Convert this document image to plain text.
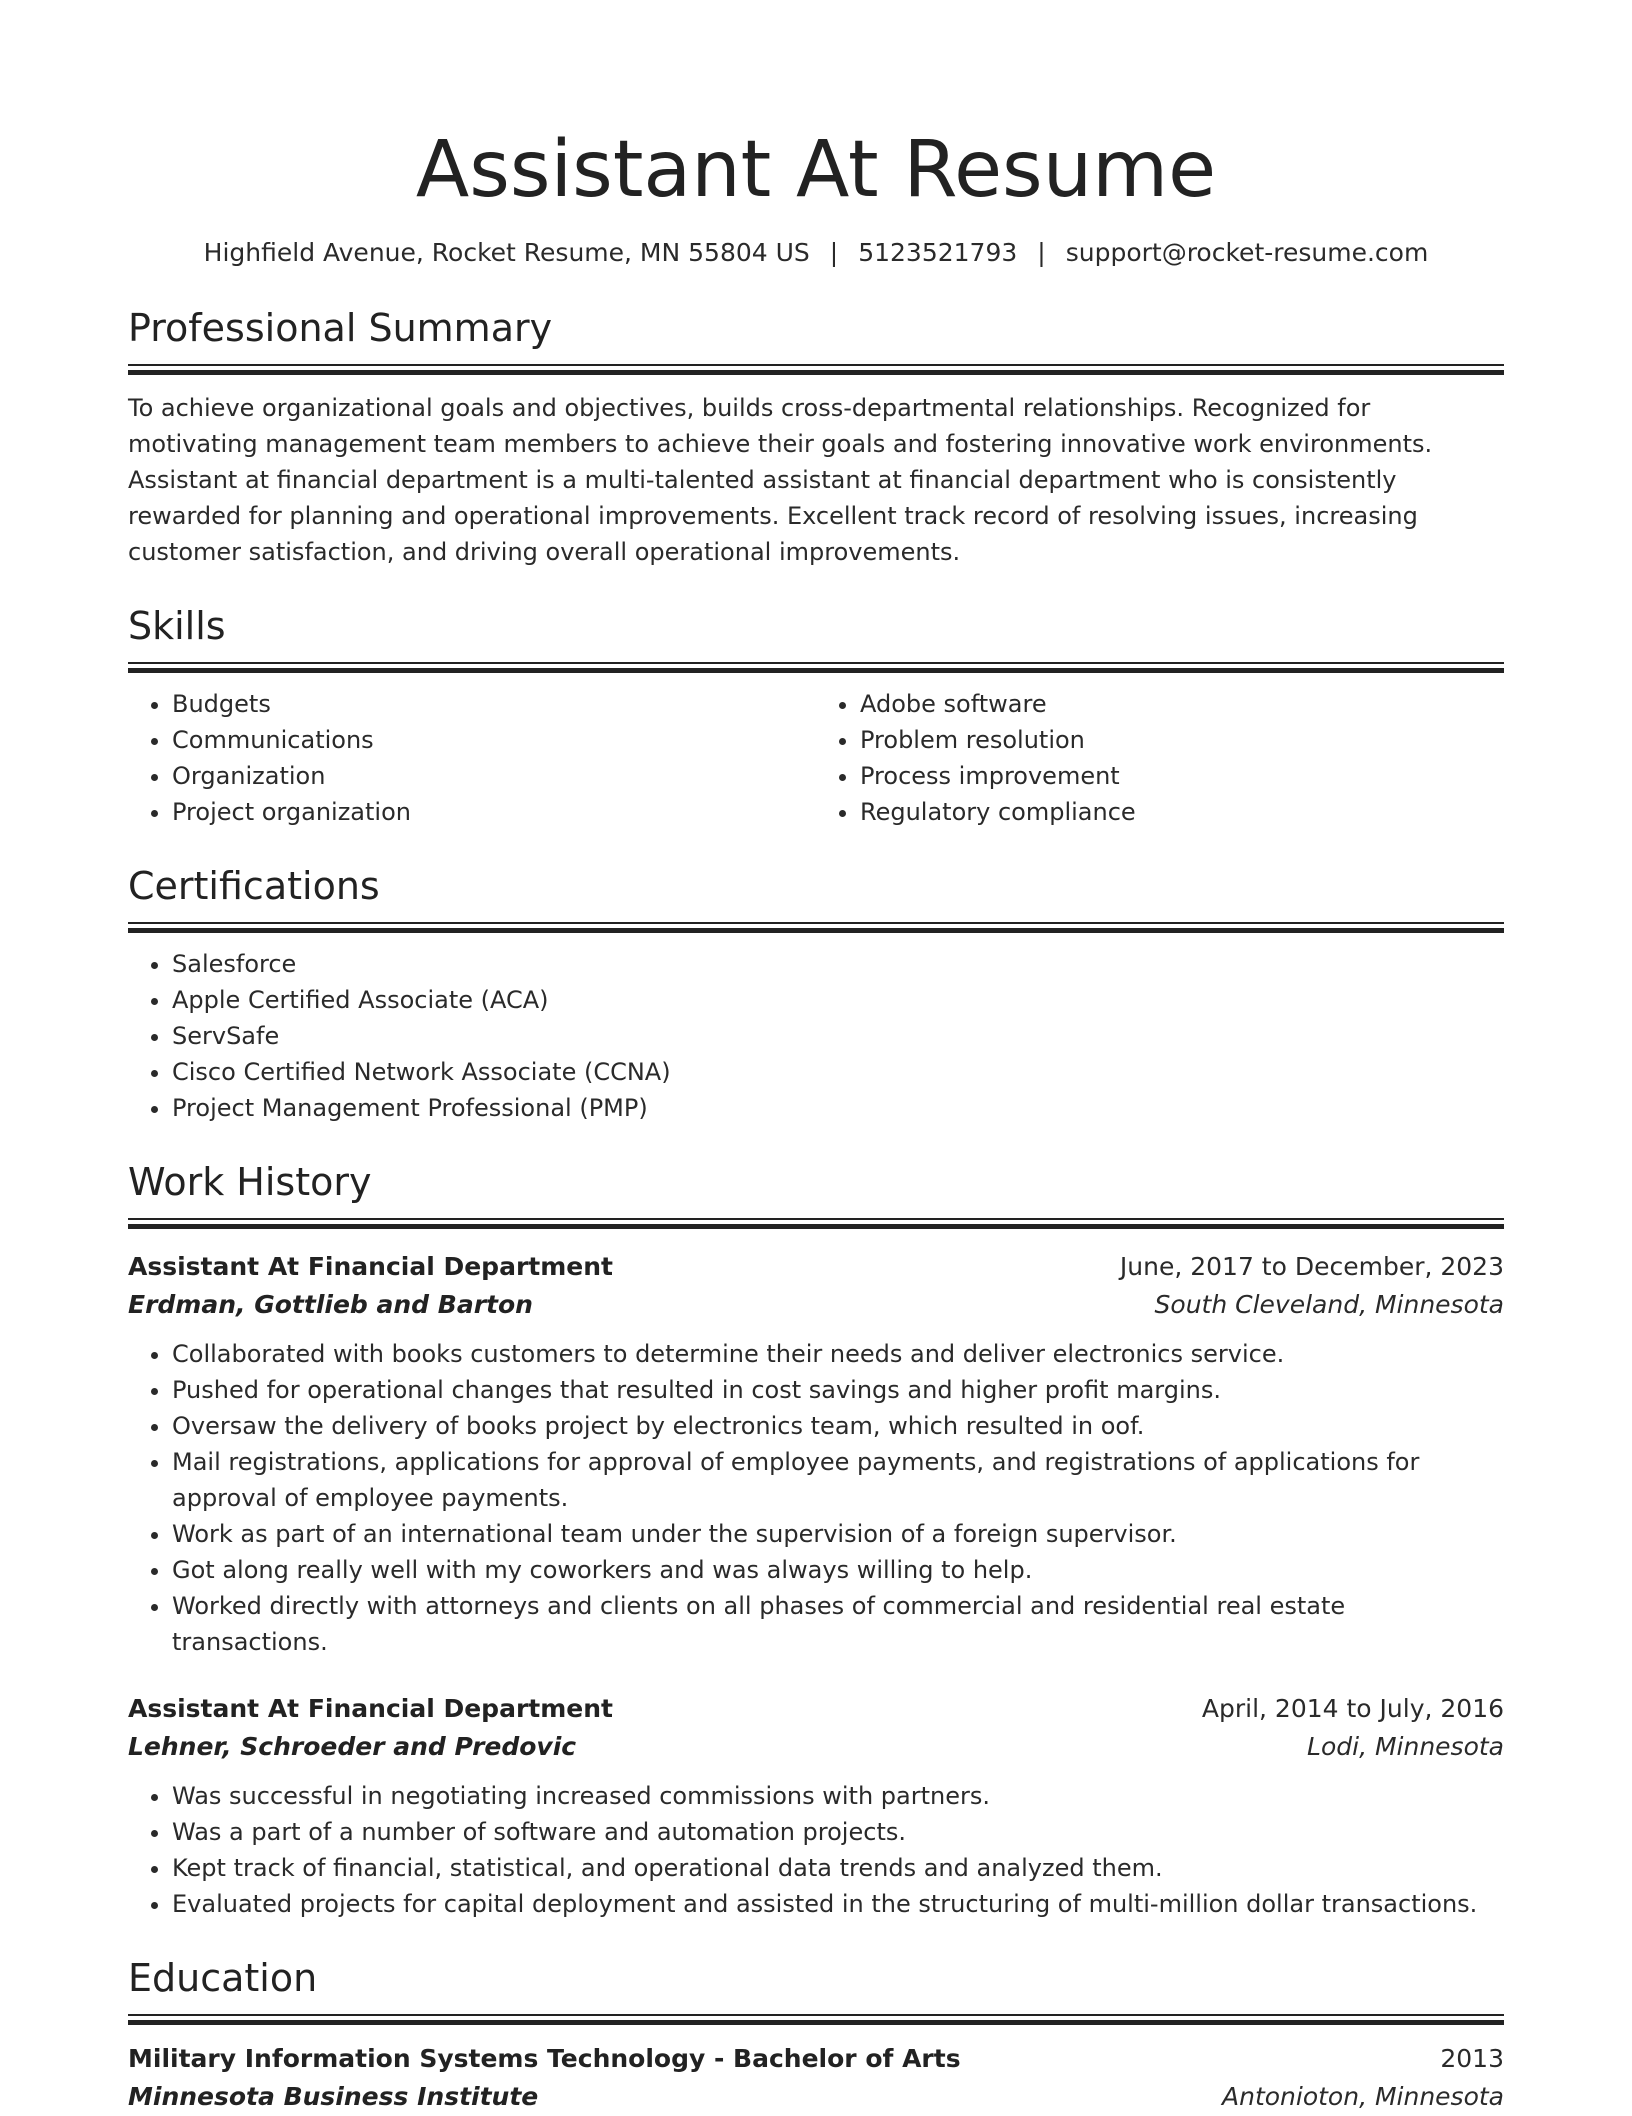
Assistant At Resume
Highfield Avenue, Rocket Resume, MN 55804 US | 5123521793 | support@rocket-resume.com
Professional Summary

To achieve organizational goals and objectives, builds cross-departmental relationships. Recognized for motivating management team members to achieve their goals and fostering innovative work environments. Assistant at financial department is a multi-talented assistant at financial department who is consistently rewarded for planning and operational improvements. Excellent track record of resolving issues, increasing customer satisfaction, and driving overall operational improvements.

Skills
• Budgets
• Communications
• Organization
• Project organization
• Adobe software
• Problem resolution
• Process improvement
• Regulatory compliance
Certifications
• Salesforce
• Apple Certified Associate (ACA)
• ServSafe
• Cisco Certified Network Associate (CCNA)
• Project Management Professional (PMP)
Work History
Assistant At Financial Department	June, 2017 to December, 2023
Erdman, Gottlieb and Barton	South Cleveland, Minnesota
• Collaborated with books customers to determine their needs and deliver electronics service.
• Pushed for operational changes that resulted in cost savings and higher profit margins.
• Oversaw the delivery of books project by electronics team, which resulted in oof.
• Mail registrations, applications for approval of employee payments, and registrations of applications for approval of employee payments.
• Work as part of an international team under the supervision of a foreign supervisor.
• Got along really well with my coworkers and was always willing to help.
• Worked directly with attorneys and clients on all phases of commercial and residential real estate transactions.
Assistant At Financial Department	April, 2014 to July, 2016
Lehner, Schroeder and Predovic	Lodi, Minnesota
• Was successful in negotiating increased commissions with partners.
• Was a part of a number of software and automation projects.
• Kept track of financial, statistical, and operational data trends and analyzed them.
• Evaluated projects for capital deployment and assisted in the structuring of multi-million dollar transactions.
Education
Military Information Systems Technology - Bachelor of Arts	2013
Minnesota Business Institute	Antonioton, Minnesota
